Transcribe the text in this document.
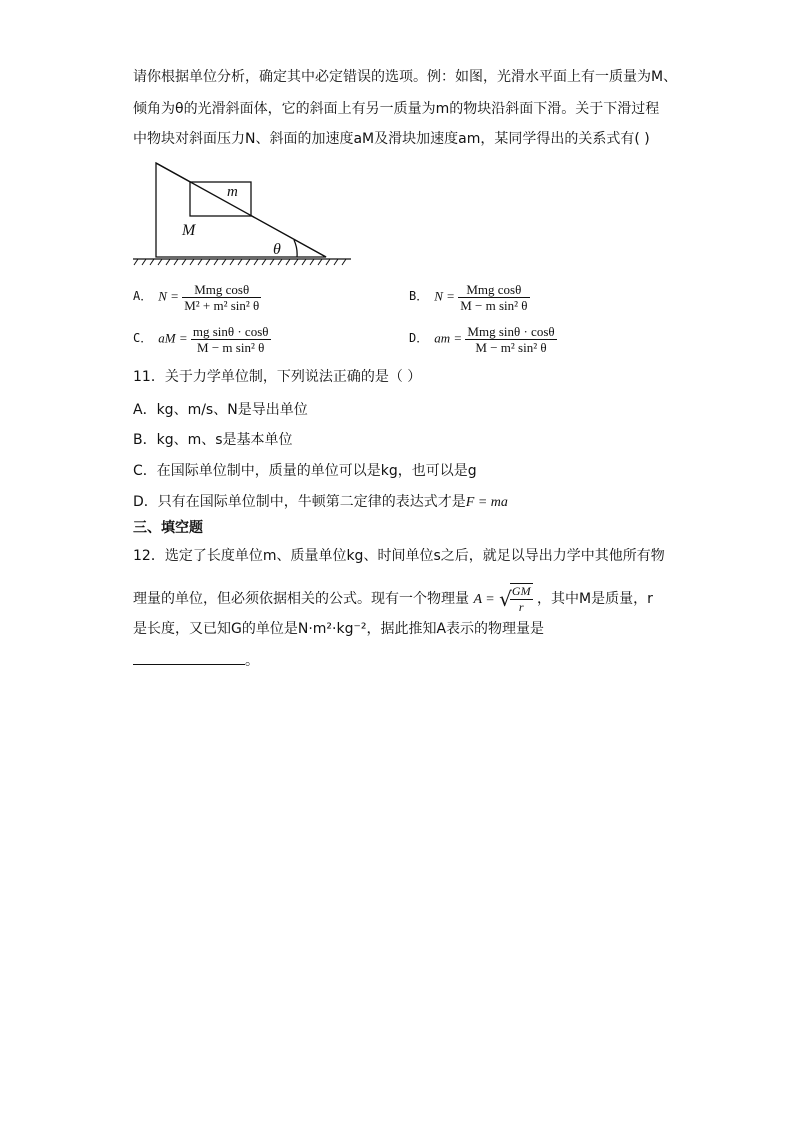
请你根据单位分析，确定其中必定错误的选项。例：如图，光滑水平面上有一质量为M、
倾角为θ的光滑斜面体，它的斜面上有另一质量为m的物块沿斜面下滑。关于下滑过程
中物块对斜面压力N、斜面的加速度aM及滑块加速度am，某同学得出的关系式有( )
m
M
θ
A． $N = \frac{\text{Mmg cosθ}}{\text{M² + m² sin² θ}}$	B． $N = \frac{\text{Mmg cosθ}}{\text{M − m sin² θ}}$
C． aM = $\frac{\text{mg sinθ · cosθ}}{\text{M − m sin² θ}}$	D． am = $\frac{\text{Mmg sinθ · cosθ}}{\text{M − m² sin² θ}}$
11．关于力学单位制，下列说法正确的是（ ）
A．kg、m/s、N是导出单位
B．kg、m、s是基本单位
C．在国际单位制中，质量的单位可以是kg，也可以是g
D．只有在国际单位制中，牛顿第二定律的表达式才是F = ma
三、填空题
12．选定了长度单位m、质量单位kg、时间单位s之后，就足以导出力学中其他所有物
理量的单位，但必须依据相关的公式。现有一个物理量 A = √
$\frac{GM}{r}$ ，其中M是质量，r
是长度，又已知G的单位是N·m²·kg⁻²，据此推知A表示的物理量是
。
